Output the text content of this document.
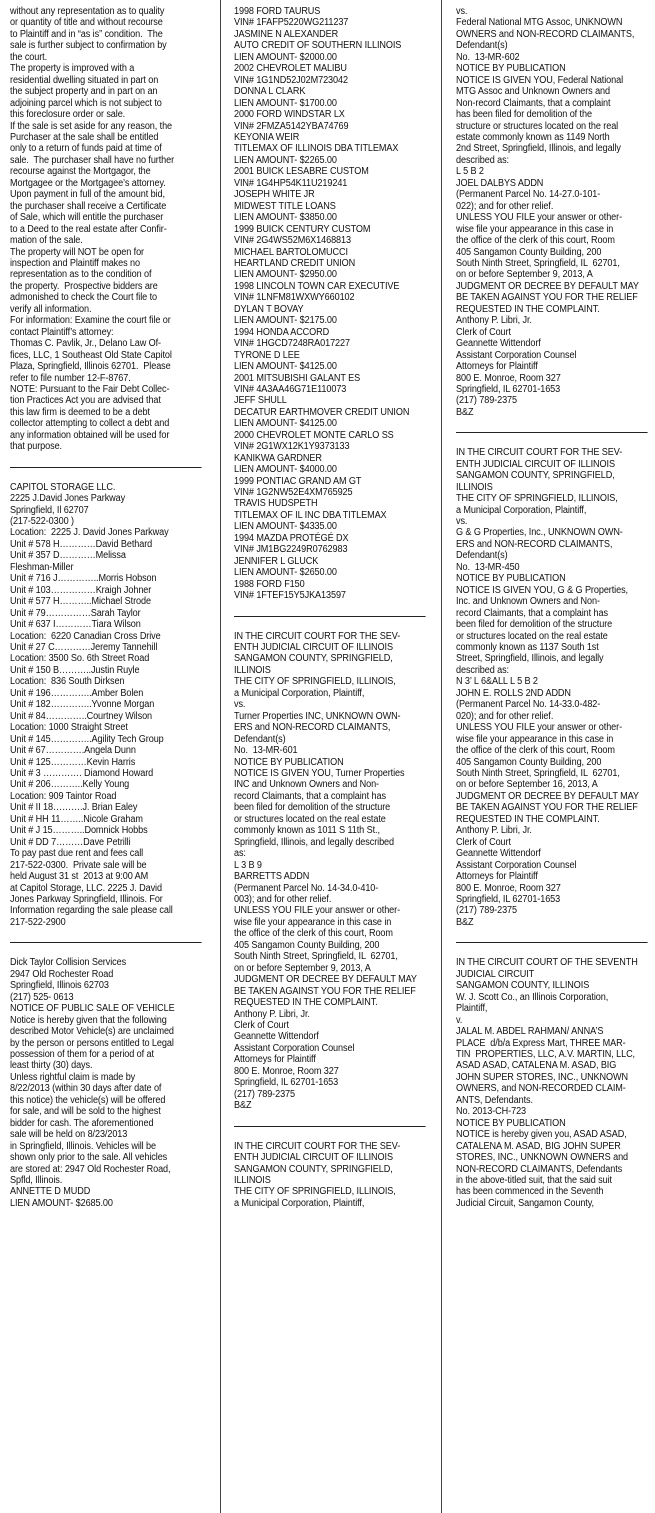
without any representation as to quality

or quantity of title and without recourse

to Plaintiff and in “as is” condition.  The

sale is further subject to confirmation by

the court.

The property is improved with a

residential dwelling situated in part on

the subject property and in part on an

adjoining parcel which is not subject to

this foreclosure order or sale.

If the sale is set aside for any reason, the

Purchaser at the sale shall be entitled

only to a return of funds paid at time of

sale.  The purchaser shall have no further

recourse against the Mortgagor, the

Mortgagee or the Mortgagee’s attorney.

Upon payment in full of the amount bid,

the purchaser shall receive a Certificate

of Sale, which will entitle the purchaser

to a Deed to the real estate after Confir-

mation of the sale.

The property will NOT be open for

inspection and Plaintiff makes no

representation as to the condition of

the property.  Prospective bidders are

admonished to check the Court file to

verify all information.

For information: Examine the court file or

contact Plaintiff’s attorney:

Thomas C. Pavlik, Jr., Delano Law Of-

fices, LLC, 1 Southeast Old State Capitol

Plaza, Springfield, Illinois 62701.  Please

refer to file number 12-F-8767.

NOTE: Pursuant to the Fair Debt Collec-

tion Practices Act you are advised that

this law firm is deemed to be a debt

collector attempting to collect a debt and

any information obtained will be used for

that purpose.

CAPITOL STORAGE LLC.

2225 J.David Jones Parkway

Springfield, Il 62707

(217-522-0300 )

Location:  2225 J. David Jones Parkway

Unit # 578 H…………David Bethard

Unit # 357 D…………Melissa

Fleshman-Miller

Unit # 716 J…………..Morris Hobson

Unit # 103……………Kraigh Johner

Unit # 577 H………..Michael Strode

Unit # 79……………Sarah Taylor

Unit # 637 I…………Tiara Wilson

Location:  6220 Canadian Cross Drive

Unit # 27 C…………Jeremy Tannehill

Location: 3500 So. 6th Street Road

Unit # 150 B………..Justin Ruyle

Location:  836 South Dirksen

Unit # 196…………..Amber Bolen

Unit # 182…………..Yvonne Morgan

Unit # 84…………..Courtney Wilson

Location: 1000 Straight Street

Unit # 145…………..Agility Tech Group

Unit # 67………….Angela Dunn

Unit # 125…………Kevin Harris

Unit # 3 …………. Diamond Howard

Unit # 206………..Kelly Young

Location: 909 Taintor Road

Unit # II 18……….J. Brian Ealey

Unit # HH 11……..Nicole Graham

Unit # J 15………..Domnick Hobbs

Unit # DD 7………Dave Petrilli

To pay past due rent and fees call

217-522-0300.  Private sale will be

held August 31 st  2013 at 9:00 AM

at Capitol Storage, LLC. 2225 J. David

Jones Parkway Springfield, Illinois. For

Information regarding the sale please call

217-522-2900

Dick Taylor Collision Services

2947 Old Rochester Road

Springfield, Illinois 62703

(217) 525- 0613

NOTICE OF PUBLIC SALE OF VEHICLE

Notice is hereby given that the following

described Motor Vehicle(s) are unclaimed

by the person or persons entitled to Legal

possession of them for a period of at

least thirty (30) days.

Unless rightful claim is made by

8/22/2013 (within 30 days after date of

this notice) the vehicle(s) will be offered

for sale, and will be sold to the highest

bidder for cash. The aforementioned

sale will be held on 8/23/2013

in Springfield, Illinois. Vehicles will be

shown only prior to the sale. All vehicles

are stored at: 2947 Old Rochester Road,

Spfld, Illinois.

ANNETTE D MUDD

LIEN AMOUNT- $2685.00

1998 FORD TAURUS

VIN# 1FAFP5220WG211237

JASMINE N ALEXANDER

AUTO CREDIT OF SOUTHERN ILLINOIS

LIEN AMOUNT- $2000.00

2002 CHEVROLET MALIBU

VIN# 1G1ND52J02M723042

DONNA L CLARK

LIEN AMOUNT- $1700.00

2000 FORD WINDSTAR LX

VIN# 2FMZA5142YBA74769

KEYONIA WEIR

TITLEMAX OF ILLINOIS DBA TITLEMAX

LIEN AMOUNT- $2265.00

2001 BUICK LESABRE CUSTOM

VIN# 1G4HP54K11U219241

JOSEPH WHITE JR

MIDWEST TITLE LOANS

LIEN AMOUNT- $3850.00

1999 BUICK CENTURY CUSTOM

VIN# 2G4WS52M6X1468813

MICHAEL BARTOLOMUCCI

HEARTLAND CREDIT UNION

LIEN AMOUNT- $2950.00

1998 LINCOLN TOWN CAR EXECUTIVE

VIN# 1LNFM81WXWY660102

DYLAN T BOVAY

LIEN AMOUNT- $2175.00

1994 HONDA ACCORD

VIN# 1HGCD7248RA017227

TYRONE D LEE

LIEN AMOUNT- $4125.00

2001 MITSUBISHI GALANT ES

VIN# 4A3AA46G71E110073

JEFF SHULL

DECATUR EARTHMOVER CREDIT UNION

LIEN AMOUNT- $4125.00

2000 CHEVROLET MONTE CARLO SS

VIN# 2G1WX12K1Y9373133

KANIKWA GARDNER

LIEN AMOUNT- $4000.00

1999 PONTIAC GRAND AM GT

VIN# 1G2NW52E4XM765925

TRAVIS HUDSPETH

TITLEMAX OF IL INC DBA TITLEMAX

LIEN AMOUNT- $4335.00

1994 MAZDA PROTÉGÉ DX

VIN# JM1BG2249R0762983

JENNIFER L GLUCK

LIEN AMOUNT- $2650.00

1988 FORD F150

VIN# 1FTEF15Y5JKA13597

IN THE CIRCUIT COURT FOR THE SEV-

ENTH JUDICIAL CIRCUIT OF ILLINOIS

SANGAMON COUNTY, SPRINGFIELD,

ILLINOIS

THE CITY OF SPRINGFIELD, ILLINOIS,

a Municipal Corporation, Plaintiff,

vs.

Turner Properties INC, UNKNOWN OWN-

ERS and NON-RECORD CLAIMANTS,

Defendant(s)

No.  13-MR-601

NOTICE BY PUBLICATION

NOTICE IS GIVEN YOU, Turner Properties

INC and Unknown Owners and Non-

record Claimants, that a complaint has

been filed for demolition of the structure

or structures located on the real estate

commonly known as 1011 S 11th St.,

Springfield, Illinois, and legally described

as:

L 3 B 9

BARRETTS ADDN

(Permanent Parcel No. 14-34.0-410-

003); and for other relief.

UNLESS YOU FILE your answer or other-

wise file your appearance in this case in

the office of the clerk of this court, Room

405 Sangamon County Building, 200

South Ninth Street, Springfield, IL  62701,

on or before September 9, 2013, A

JUDGMENT OR DECREE BY DEFAULT MAY

BE TAKEN AGAINST YOU FOR THE RELIEF

REQUESTED IN THE COMPLAINT.

Anthony P. Libri, Jr.

Clerk of Court

Geannette Wittendorf

Assistant Corporation Counsel

Attorneys for Plaintiff

800 E. Monroe, Room 327

Springfield, IL 62701-1653

(217) 789-2375

B&Z

IN THE CIRCUIT COURT FOR THE SEV-

ENTH JUDICIAL CIRCUIT OF ILLINOIS

SANGAMON COUNTY, SPRINGFIELD,

ILLINOIS

THE CITY OF SPRINGFIELD, ILLINOIS,

a Municipal Corporation, Plaintiff,

vs.

Federal National MTG Assoc, UNKNOWN

OWNERS and NON-RECORD CLAIMANTS,

Defendant(s)

No.  13-MR-602

NOTICE BY PUBLICATION

NOTICE IS GIVEN YOU, Federal National

MTG Assoc and Unknown Owners and

Non-record Claimants, that a complaint

has been filed for demolition of the

structure or structures located on the real

estate commonly known as 1149 North

2nd Street, Springfield, Illinois, and legally

described as:

L 5 B 2

JOEL DALBYS ADDN

(Permanent Parcel No. 14-27.0-101-

022); and for other relief.

UNLESS YOU FILE your answer or other-

wise file your appearance in this case in

the office of the clerk of this court, Room

405 Sangamon County Building, 200

South Ninth Street, Springfield, IL  62701,

on or before September 9, 2013, A

JUDGMENT OR DECREE BY DEFAULT MAY

BE TAKEN AGAINST YOU FOR THE RELIEF

REQUESTED IN THE COMPLAINT.

Anthony P. Libri, Jr.

Clerk of Court

Geannette Wittendorf

Assistant Corporation Counsel

Attorneys for Plaintiff

800 E. Monroe, Room 327

Springfield, IL 62701-1653

(217) 789-2375

B&Z

IN THE CIRCUIT COURT FOR THE SEV-

ENTH JUDICIAL CIRCUIT OF ILLINOIS

SANGAMON COUNTY, SPRINGFIELD,

ILLINOIS

THE CITY OF SPRINGFIELD, ILLINOIS,

a Municipal Corporation, Plaintiff,

vs.

G & G Properties, Inc., UNKNOWN OWN-

ERS and NON-RECORD CLAIMANTS,

Defendant(s)

No.  13-MR-450

NOTICE BY PUBLICATION

NOTICE IS GIVEN YOU, G & G Properties,

Inc. and Unknown Owners and Non-

record Claimants, that a complaint has

been filed for demolition of the structure

or structures located on the real estate

commonly known as 1137 South 1st

Street, Springfield, Illinois, and legally

described as:

N 3’ L 6&ALL L 5 B 2

JOHN E. ROLLS 2ND ADDN

(Permanent Parcel No. 14-33.0-482-

020); and for other relief.

UNLESS YOU FILE your answer or other-

wise file your appearance in this case in

the office of the clerk of this court, Room

405 Sangamon County Building, 200

South Ninth Street, Springfield, IL  62701,

on or before September 16, 2013, A

JUDGMENT OR DECREE BY DEFAULT MAY

BE TAKEN AGAINST YOU FOR THE RELIEF

REQUESTED IN THE COMPLAINT.

Anthony P. Libri, Jr.

Clerk of Court

Geannette Wittendorf

Assistant Corporation Counsel

Attorneys for Plaintiff

800 E. Monroe, Room 327

Springfield, IL 62701-1653

(217) 789-2375

B&Z

IN THE CIRCUIT COURT OF THE SEVENTH

JUDICIAL CIRCUIT

SANGAMON COUNTY, ILLINOIS

W. J. Scott Co., an Illinois Corporation,

Plaintiff,

v.

JALAL M. ABDEL RAHMAN/ ANNA’S

PLACE  d/b/a Express Mart, THREE MAR-

TIN  PROPERTIES, LLC, A.V. MARTIN, LLC,

ASAD ASAD, CATALENA M. ASAD, BIG

JOHN SUPER STORES, INC., UNKNOWN

OWNERS, and NON-RECORDED CLAIM-

ANTS, Defendants.

No. 2013-CH-723

NOTICE BY PUBLICATION

NOTICE is hereby given you, ASAD ASAD,

CATALENA M. ASAD, BIG JOHN SUPER

STORES, INC., UNKNOWN OWNERS and

NON-RECORD CLAIMANTS, Defendants

in the above-titled suit, that the said suit

has been commenced in the Seventh

Judicial Circuit, Sangamon County,
